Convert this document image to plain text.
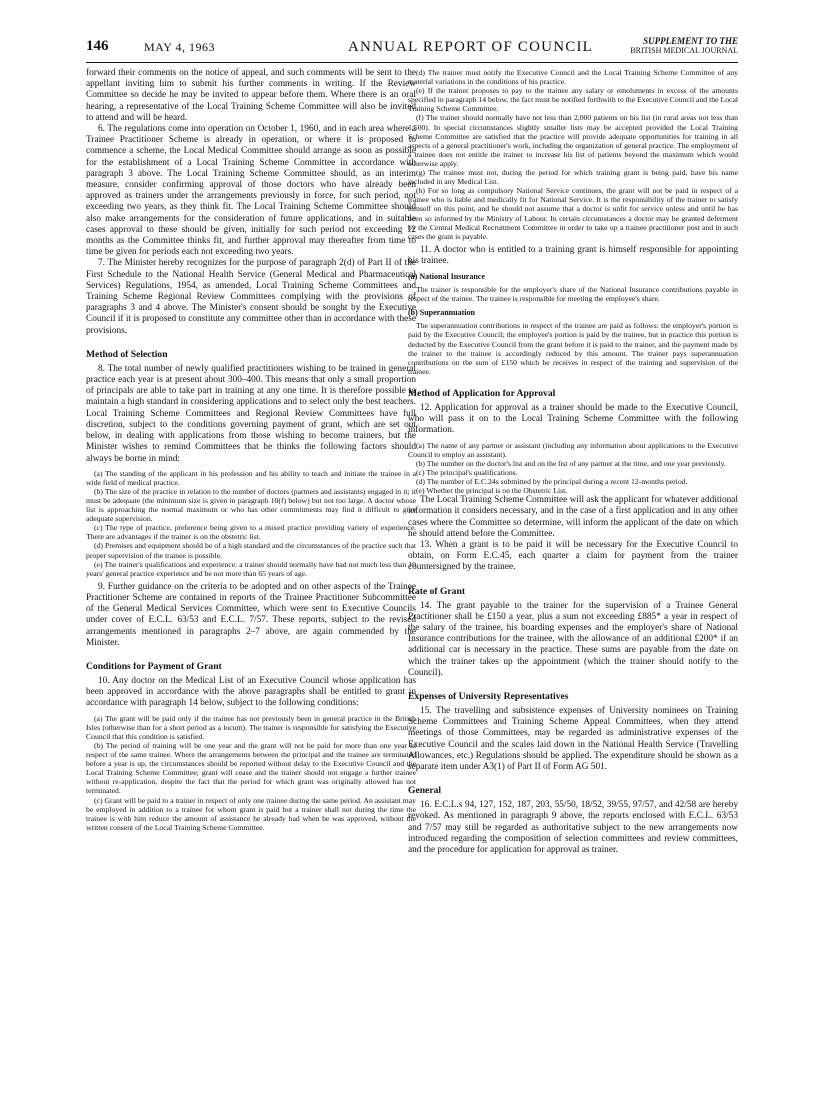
146	MAY 4, 1963	ANNUAL REPORT OF COUNCIL	SUPPLEMENT TO THE
BRITISH MEDICAL JOURNAL

forward their comments on the notice of appeal, and such comments will be sent to the appellant inviting him to submit his further comments in writing. If the Review Committee so decide he may be invited to appear before them. Where there is an oral hearing, a representative of the Local Training Scheme Committee will also be invited to attend and will be heard.

6. The regulations come into operation on October 1, 1960, and in each area where a Trainee Practitioner Scheme is already in operation, or where it is proposed to commence a scheme, the Local Medical Committee should arrange as soon as possible for the establishment of a Local Training Scheme Committee in accordance with paragraph 3 above. The Local Training Scheme Committee should, as an interim measure, consider confirming approval of those doctors who have already been approved as trainers under the arrangements previously in force, for such period, not exceeding two years, as they think fit. The Local Training Scheme Committee should also make arrangements for the consideration of future applications, and in suitable cases approval to these should be given, initially for such period not exceeding 12 months as the Committee thinks fit, and further approval may thereafter from time to time be given for periods each not exceeding two years.

7. The Minister hereby recognizes for the purpose of paragraph 2(d) of Part II of the First Schedule to the National Health Service (General Medical and Pharmaceutical Services) Regulations, 1954, as amended, Local Training Scheme Committees and Training Scheme Regional Review Committees complying with the provisions of paragraphs 3 and 4 above. The Minister's consent should be sought by the Executive Council if it is proposed to constitute any committee other than in accordance with these provisions.

Method of Selection

8. The total number of newly qualified practitioners wishing to be trained in general practice each year is at present about 300–400. This means that only a small proportion of principals are able to take part in training at any one time. It is therefore possible to maintain a high standard in considering applications and to select only the best teachers. Local Training Scheme Committees and Regional Review Committees have full discretion, subject to the conditions governing payment of grant, which are set out below, in dealing with applications from those wishing to become trainers, but the Minister wishes to remind Committees that he thinks the following factors should always be borne in mind:

(a) The standing of the applicant in his profession and his ability to teach and initiate the trainee in a wide field of medical practice.

(b) The size of the practice in relation to the number of doctors (partners and assistants) engaged in it; it must be adequate (the minimum size is given in paragraph 10(f) below) but not too large. A doctor whose list is approaching the normal maximum or who has other commitments may find it difficult to give adequate supervision.

(c) The type of practice, preference being given to a mixed practice providing variety of experience. There are advantages if the trainer is on the obstetric list.

(d) Premises and equipment should be of a high standard and the circumstances of the practice such that proper supervision of the trainee is possible.

(e) The trainer's qualifications and experience: a trainer should normally have had not much less than 10 years' general practice experience and be not more than 65 years of age.

9. Further guidance on the criteria to be adopted and on other aspects of the Trainee Practitioner Scheme are contained in reports of the Trainee Practitioner Subcommittee of the General Medical Services Committee, which were sent to Executive Councils under cover of E.C.L. 63/53 and E.C.L. 7/57. These reports, subject to the revised arrangements mentioned in paragraphs 2–7 above, are again commended by the Minister.

Conditions for Payment of Grant

10. Any doctor on the Medical List of an Executive Council whose application has been approved in accordance with the above paragraphs shall be entitled to grant in accordance with paragraph 14 below, subject to the following conditions:

(a) The grant will be paid only if the trainee has not previously been in general practice in the British Isles (otherwise than for a short period as a locum). The trainer is responsible for satisfying the Executive Council that this condition is satisfied.

(b) The period of training will be one year and the grant will not be paid for more than one year in respect of the same trainee. Where the arrangements between the principal and the trainee are terminated before a year is up, the circumstances should be reported without delay to the Executive Council and the Local Training Scheme Committee; grant will cease and the trainer should not engage a further trainee without re-application, despite the fact that the period for which grant was originally allowed has not terminated.

(c) Grant will be paid to a trainer in respect of only one trainee during the same period. An assistant may be employed in addition to a trainee for whom grant is paid but a trainer shall not during the time the trainee is with him reduce the amount of assistance he already had when he was approved, without the written consent of the Local Training Scheme Committee.

(d) The trainer must notify the Executive Council and the Local Training Scheme Committee of any material variations in the conditions of his practice.

(e) If the trainer proposes to pay to the trainee any salary or emoluments in excess of the amounts specified in paragraph 14 below, the fact must be notified forthwith to the Executive Council and the Local Training Scheme Committee.

(f) The trainer should normally have not less than 2,000 patients on his list (in rural areas not less than 1,500). In special circumstances slightly smaller lists may be accepted provided the Local Training Scheme Committee are satisfied that the practice will provide adequate opportunities for training in all aspects of a general practitioner's work, including the organization of general practice. The employment of a trainee does not entitle the trainer to increase his list of patients beyond the maximum which would otherwise apply.

(g) The trainee must not, during the period for which training grant is being paid, have his name included in any Medical List.

(h) For so long as compulsory National Service continues, the grant will not be paid in respect of a trainee who is liable and medically fit for National Service. It is the responsibility of the trainer to satisfy himself on this point, and he should not assume that a doctor is unfit for service unless and until he has been so informed by the Ministry of Labour. In certain circumstances a doctor may be granted deferment by the Central Medical Recruitment Committee in order to take up a trainee practitioner post and in such cases the grant is payable.

11. A doctor who is entitled to a training grant is himself responsible for appointing his trainee.

(a) National Insurance

The trainer is responsible for the employer's share of the National Insurance contributions payable in respect of the trainee. The trainee is responsible for meeting the employee's share.

(b) Superannuation

The superannuation contributions in respect of the trainee are paid as follows: the employer's portion is paid by the Executive Council; the employee's portion is paid by the trainee, but in practice this portion is deducted by the Executive Council from the grant before it is paid to the trainer, and the payment made by the trainer to the trainee is accordingly reduced by this amount. The trainer pays superannuation contributions on the sum of £150 which he receives in respect of the training and supervision of the trainee.

Method of Application for Approval

12. Application for approval as a trainer should be made to the Executive Council, who will pass it on to the Local Training Scheme Committee with the following information.

(a) The name of any partner or assistant (including any information about applications to the Executive Council to employ an assistant).

(b) The number on the doctor's list and on the list of any partner at the time, and one year previously.

(c) The principal's qualifications.

(d) The number of E.C.24s submitted by the principal during a recent 12-months period.

(e) Whether the principal is on the Obstetric List.

The Local Training Scheme Committee will ask the applicant for whatever additional information it considers necessary, and in the case of a first application and in any other cases where the Committee so determine, will inform the applicant of the date on which he should attend before the Committee.

13. When a grant is to be paid it will be necessary for the Executive Council to obtain, on Form E.C.45, each quarter a claim for payment from the trainer countersigned by the trainee.

Rate of Grant

14. The grant payable to the trainer for the supervision of a Trainee General Practitioner shall be £150 a year, plus a sum not exceeding £885* a year in respect of the salary of the trainee, his boarding expenses and the employer's share of National Insurance contributions for the trainee, with the allowance of an additional £200* if an additional car is necessary in the practice. These sums are payable from the date on which the trainer takes up the appointment (which the trainer should notify to the Council).

Expenses of University Representatives

15. The travelling and subsistence expenses of University nominees on Training Scheme Committees and Training Scheme Appeal Committees, when they attend meetings of those Committees, may be regarded as administrative expenses of the Executive Council and the scales laid down in the National Health Service (Travelling Allowances, etc.) Regulations should be applied. The expenditure should be shown as a separate item under A3(1) of Part II of Form AG 501.

General

16. E.C.L.s 94, 127, 152, 187, 203, 55/50, 18/52, 39/55, 97/57, and 42/58 are hereby revoked. As mentioned in paragraph 9 above, the reports enclosed with E.C.L. 63/53 and 7/57 may still be regarded as authoritative subject to the new arrangements now introduced regarding the composition of selection committees and review committees, and the procedure for application for approval as trainer.
